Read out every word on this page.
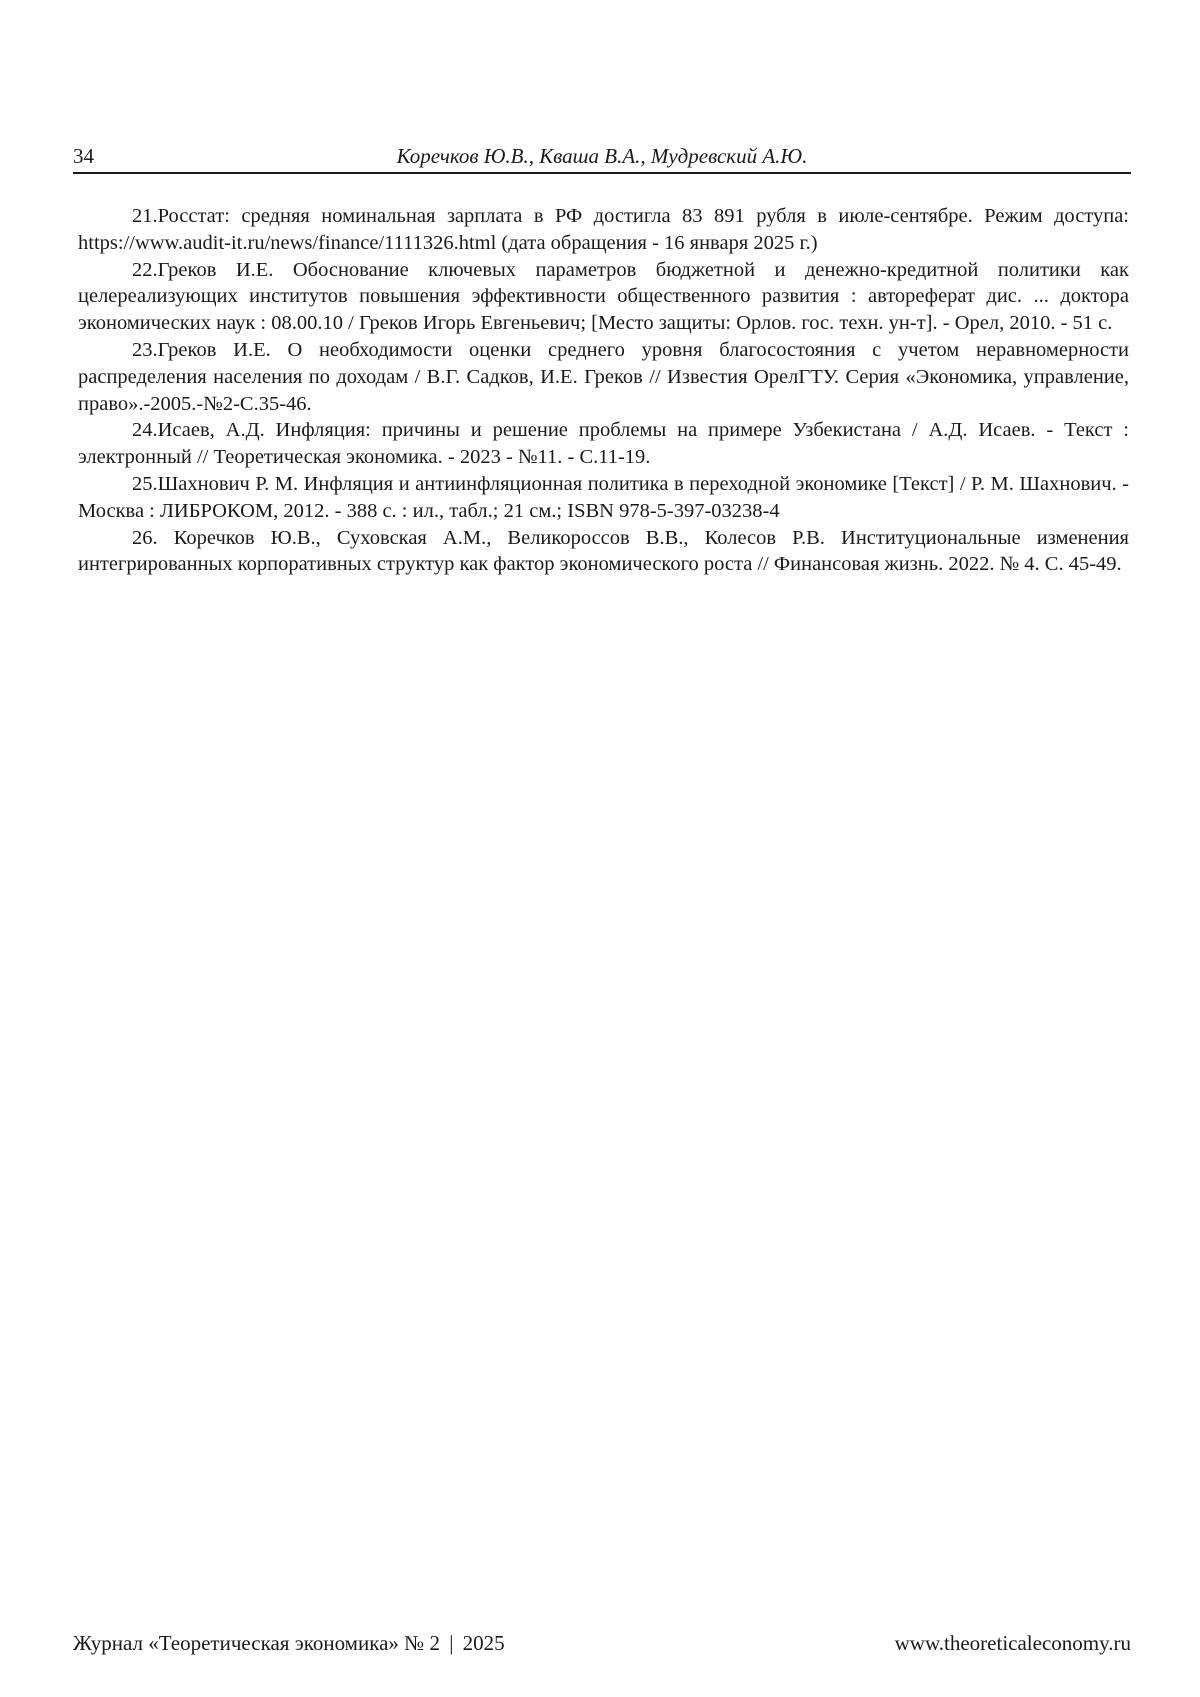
34	Коречков Ю.В., Кваша В.А., Мудревский А.Ю.

21.Росстат: средняя номинальная зарплата в РФ достигла 83 891 рубля в июле-сентябре. Режим доступа: https://www.audit-it.ru/news/finance/1111326.html (дата обращения - 16 января 2025 г.)

22.Греков И.Е. Обоснование ключевых параметров бюджетной и денежно-кредитной политики как целереализующих институтов повышения эффективности общественного развития : автореферат дис. ... доктора экономических наук : 08.00.10 / Греков Игорь Евгеньевич; [Место защиты: Орлов. гос. техн. ун-т]. - Орел, 2010. - 51 с.

23.Греков И.Е. О необходимости оценки среднего уровня благосостояния с учетом неравномерности распределения населения по доходам / В.Г. Садков, И.Е. Греков // Известия ОрелГТУ. Серия «Экономика, управление, право».-2005.-№2-С.35-46.

24.Исаев, А.Д. Инфляция: причины и решение проблемы на примере Узбекистана / А.Д. Исаев. - Текст : электронный // Теоретическая экономика. - 2023 - №11. - С.11-19.

25.Шахнович Р. М. Инфляция и антиинфляционная политика в переходной экономике [Текст] / Р. М. Шахнович. - Москва : ЛИБРОКОМ, 2012. - 388 с. : ил., табл.; 21 см.; ISBN 978-5-397-03238-4

26. Коречков Ю.В., Суховская А.М., Великороссов В.В., Колесов Р.В. Институциональные изменения интегрированных корпоративных структур как фактор экономического роста // Финансовая жизнь. 2022. № 4. С. 45-49.

Журнал «Теоретическая экономика» № 2 | 2025	www.theoreticaleconomy.ru
